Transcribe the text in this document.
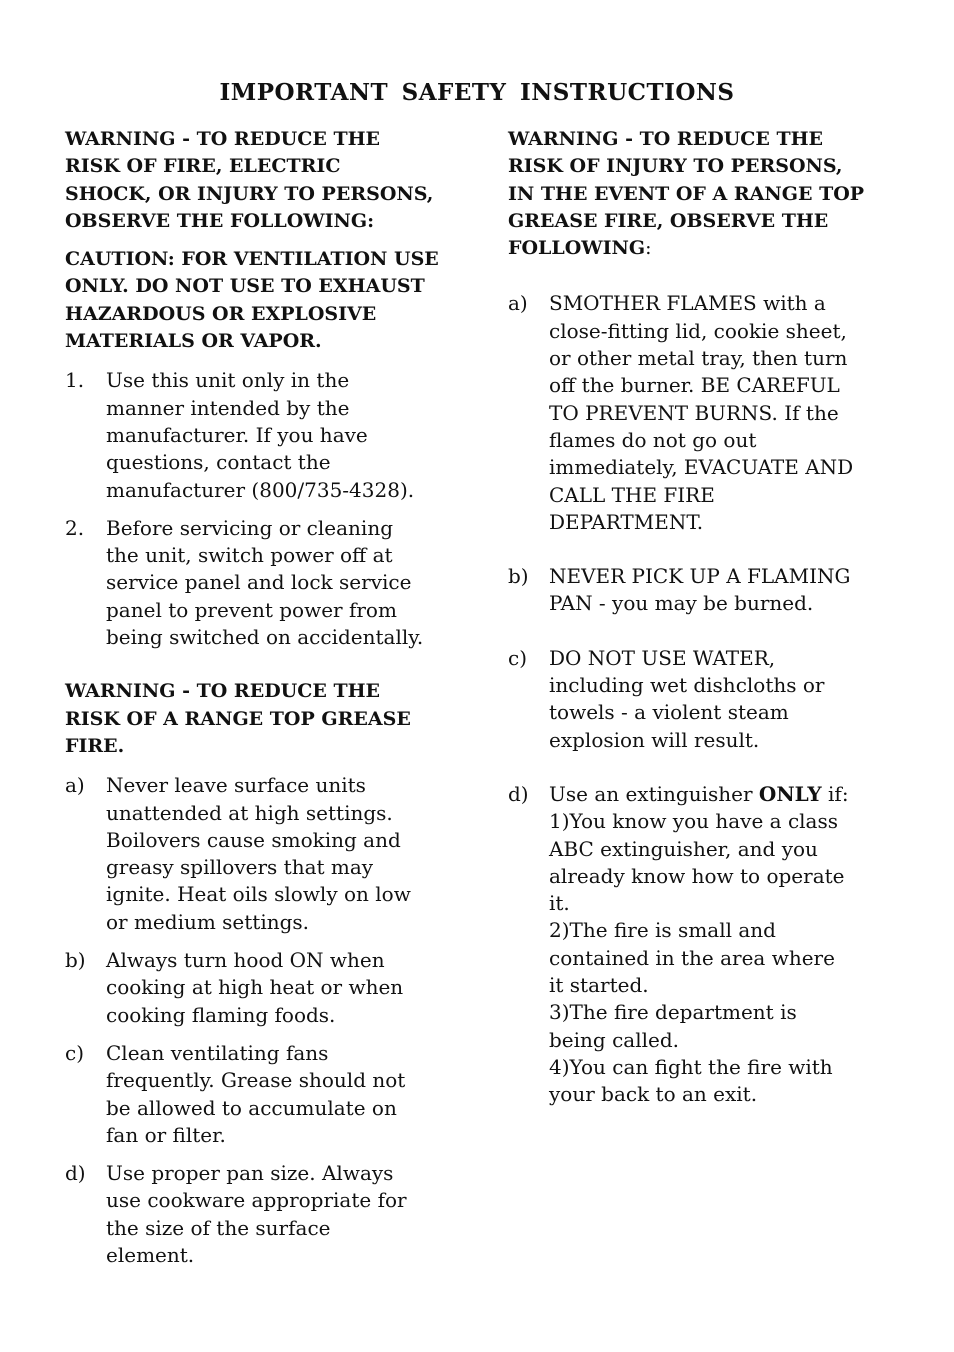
IMPORTANT SAFETY INSTRUCTIONS

WARNING - TO REDUCE THE
RISK OF FIRE, ELECTRIC
SHOCK, OR INJURY TO PERSONS,
OBSERVE THE FOLLOWING:

CAUTION: FOR VENTILATION USE
ONLY. DO NOT USE TO EXHAUST
HAZARDOUS OR EXPLOSIVE
MATERIALS OR VAPOR.

1. Use this unit only in the
manner intended by the
manufacturer. If you have
questions, contact the
manufacturer (800/735-4328).
2. Before servicing or cleaning
the unit, switch power off at
service panel and lock service
panel to prevent power from
being switched on accidentally.

WARNING - TO REDUCE THE
RISK OF A RANGE TOP GREASE
FIRE.

a) Never leave surface units
unattended at high settings.
Boilovers cause smoking and
greasy spillovers that may
ignite. Heat oils slowly on low
or medium settings.
b) Always turn hood ON when
cooking at high heat or when
cooking flaming foods.
c) Clean ventilating fans
frequently. Grease should not
be allowed to accumulate on
fan or filter.
d) Use proper pan size. Always
use cookware appropriate for
the size of the surface
element.

WARNING - TO REDUCE THE
RISK OF INJURY TO PERSONS,
IN THE EVENT OF A RANGE TOP
GREASE FIRE, OBSERVE THE
FOLLOWING:

a) SMOTHER FLAMES with a
close-fitting lid, cookie sheet,
or other metal tray, then turn
off the burner. BE CAREFUL
TO PREVENT BURNS. If the
flames do not go out
immediately, EVACUATE AND
CALL THE FIRE
DEPARTMENT.
b) NEVER PICK UP A FLAMING
PAN - you may be burned.
c) DO NOT USE WATER,
including wet dishcloths or
towels - a violent steam
explosion will result.
d) Use an extinguisher ONLY if:
1)You know you have a class
ABC extinguisher, and you
already know how to operate
it.
2)The fire is small and
contained in the area where
it started.
3)The fire department is
being called.
4)You can fight the fire with
your back to an exit.
